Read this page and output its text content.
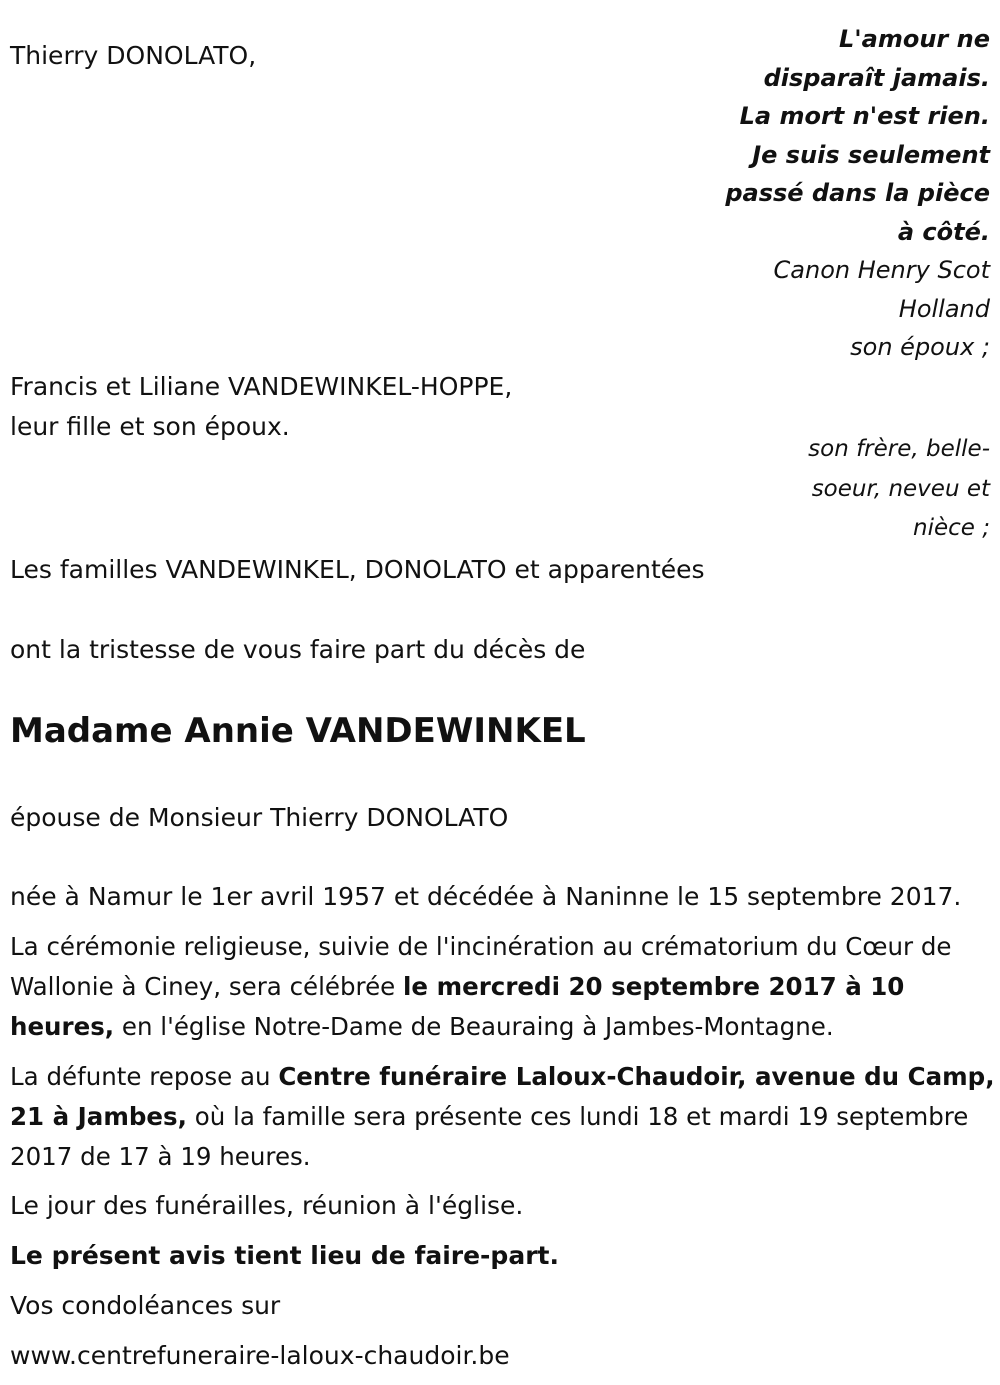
Thierry DONOLATO,
L'amour ne
disparaît jamais.
La mort n'est rien.
Je suis seulement
passé dans la pièce
à côté.
Canon Henry Scot
Holland
son époux ;
Francis et Liliane VANDEWINKEL-HOPPE,
leur fille et son époux.
son frère, belle-
soeur, neveu et
nièce ;
Les familles VANDEWINKEL, DONOLATO et apparentées
ont la tristesse de vous faire part du décès de
Madame Annie VANDEWINKEL
épouse de Monsieur Thierry DONOLATO
née à Namur le 1er avril 1957 et décédée à Naninne le 15 septembre 2017.
La cérémonie religieuse, suivie de l'incinération au crématorium du Cœur de Wallonie à Ciney, sera célébrée le mercredi 20 septembre 2017 à 10 heures, en l'église Notre-Dame de Beauraing à Jambes-Montagne.
La défunte repose au Centre funéraire Laloux-Chaudoir, avenue du Camp, 21 à Jambes, où la famille sera présente ces lundi 18 et mardi 19 septembre 2017 de 17 à 19 heures.
Le jour des funérailles, réunion à l'église.
Le présent avis tient lieu de faire-part.
Vos condoléances sur
www.centrefuneraire-laloux-chaudoir.be
